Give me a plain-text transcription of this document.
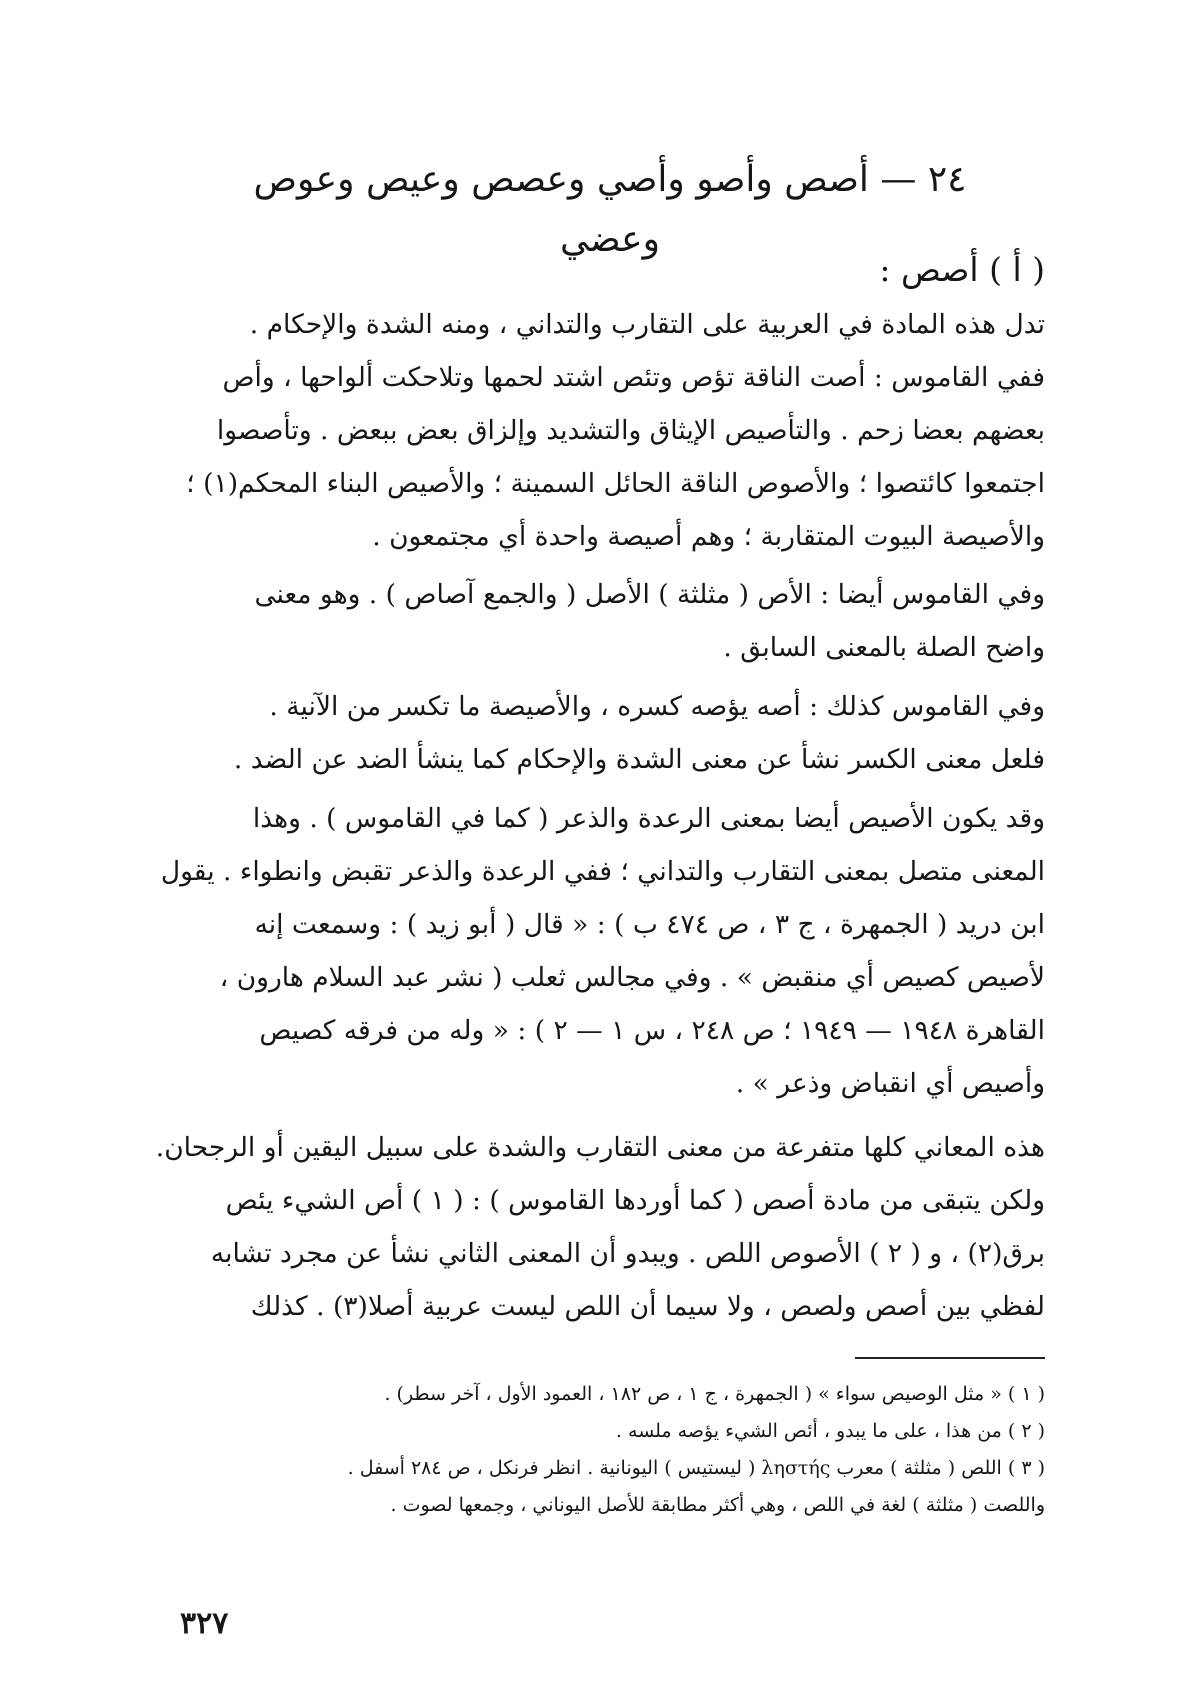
٢٤ — أصص وأصو وأصي وعصص وعيص وعوص وعضي
( أ ) أصص :
تدل هذه المادة في العربية على التقارب والتداني ، ومنه الشدة والإحكام .
ففي القاموس : أصت الناقة تؤص وتئص اشتد لحمها وتلاحكت ألواحها ، وأص
بعضهم بعضا زحم . والتأصيص الإيثاق والتشديد وإلزاق بعض ببعض . وتأصصوا
اجتمعوا كائتصوا ؛ والأصوص الناقة الحائل السمينة ؛ والأصيص البناء المحكم(١) ؛
والأصيصة البيوت المتقاربة ؛ وهم أصيصة واحدة أي مجتمعون .
وفي القاموس أيضا : الأص ( مثلثة ) الأصل ( والجمع آصاص ) . وهو معنى
واضح الصلة بالمعنى السابق .
وفي القاموس كذلك : أصه يؤصه كسره ، والأصيصة ما تكسر من الآنية .
فلعل معنى الكسر نشأ عن معنى الشدة والإحكام كما ينشأ الضد عن الضد .
وقد يكون الأصيص أيضا بمعنى الرعدة والذعر ( كما في القاموس ) . وهذا
المعنى متصل بمعنى التقارب والتداني ؛ ففي الرعدة والذعر تقبض وانطواء . يقول
ابن دريد ( الجمهرة ، ج ٣ ، ص ٤٧٤ ب ) : « قال ( أبو زيد ) : وسمعت إنه
لأصيص كصيص أي منقبض » . وفي مجالس ثعلب ( نشر عبد السلام هارون ،
القاهرة ١٩٤٨ — ١٩٤٩ ؛ ص ٢٤٨ ، س ١ — ٢ ) : « وله من فرقه كصيص
وأصيص أي انقباض وذعر » .
هذه المعاني كلها متفرعة من معنى التقارب والشدة على سبيل اليقين أو الرجحان.
ولكن يتبقى من مادة أصص ( كما أوردها القاموس ) : ( ١ ) أص الشيء يئص
برق(٢) ، و ( ٢ ) الأصوص اللص . ويبدو أن المعنى الثاني نشأ عن مجرد تشابه
لفظي بين أصص ولصص ، ولا سيما أن اللص ليست عربية أصلا(٣) . كذلك
( ١ ) « مثل الوصيص سواء » ( الجمهرة ، ج ١ ، ص ١٨٢ ، العمود الأول ، آخر سطر) .
( ٢ ) من هذا ، على ما يبدو ، أئص الشيء يؤصه ملسه .
( ٣ ) اللص ( مثلثة ) معرب ληστής ( ليستيس ) اليونانية . انظر فرنكل ، ص ٢٨٤ أسفل .
واللصت ( مثلثة ) لغة في اللص ، وهي أكثر مطابقة للأصل اليوناني ، وجمعها لصوت .
٣٢٧
